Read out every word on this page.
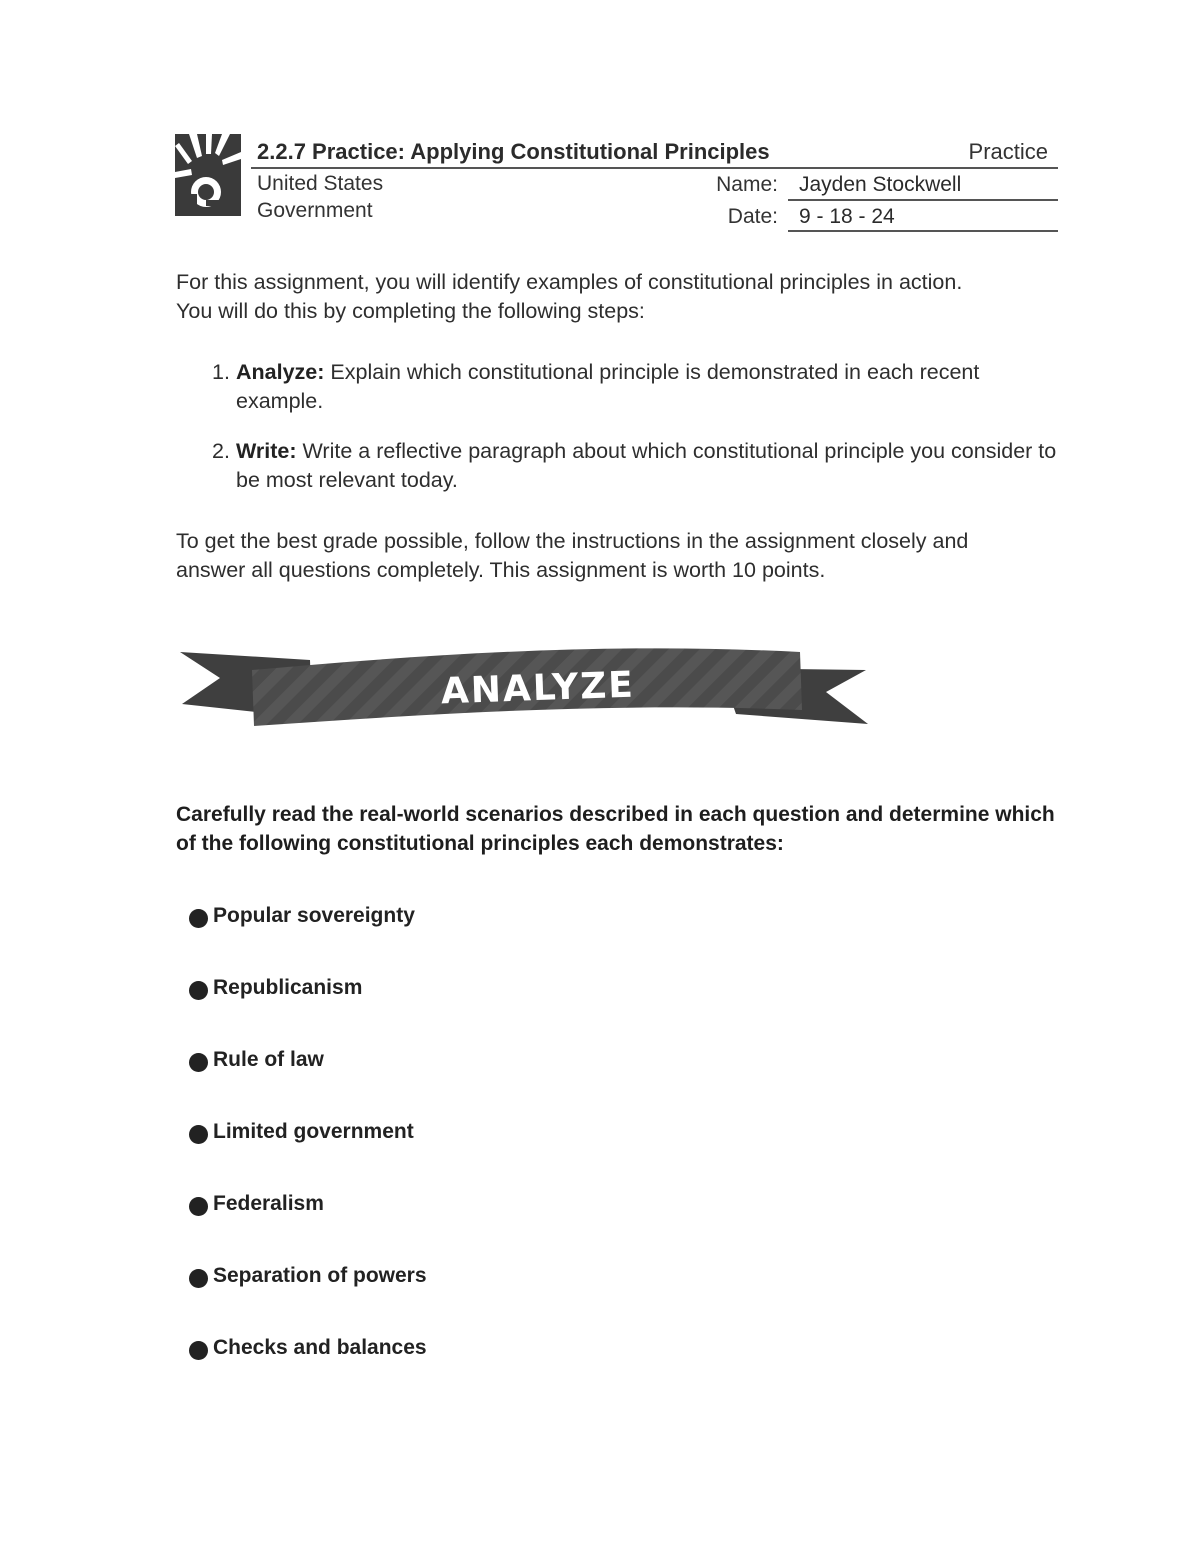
2.2.7 Practice: Applying Constitutional Principles	Practice
United States
Government
Name: Jayden Stockwell
Date: 9 - 18 - 24
For this assignment, you will identify examples of constitutional principles in action.
You will do this by completing the following steps:
1. Analyze: Explain which constitutional principle is demonstrated in each recent example.
2. Write: Write a reflective paragraph about which constitutional principle you consider to be most relevant today.
To get the best grade possible, follow the instructions in the assignment closely and
answer all questions completely. This assignment is worth 10 points.
ANALYZE

Carefully read the real-world scenarios described in each question and determine which of the following constitutional principles each demonstrates:

Popular sovereignty
Republicanism
Rule of law
Limited government
Federalism
Separation of powers
Checks and balances
